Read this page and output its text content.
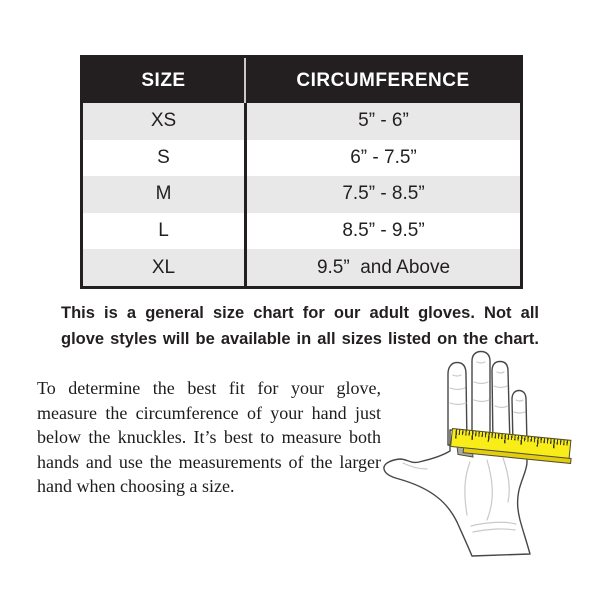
SIZE	CIRCUMFERENCE
XS	5” - 6”
S	6” - 7.5”
M	7.5” - 8.5”
L	8.5” - 9.5”
XL	9.5”  and Above
This is a general size chart for our adult gloves. Not all
glove styles will be available in all sizes listed on the chart.
To determine the best fit for your glove,
measure the circumference of your hand just
below the knuckles. It’s best to measure both
hands and use the measurements of the larger
hand when choosing a size.
